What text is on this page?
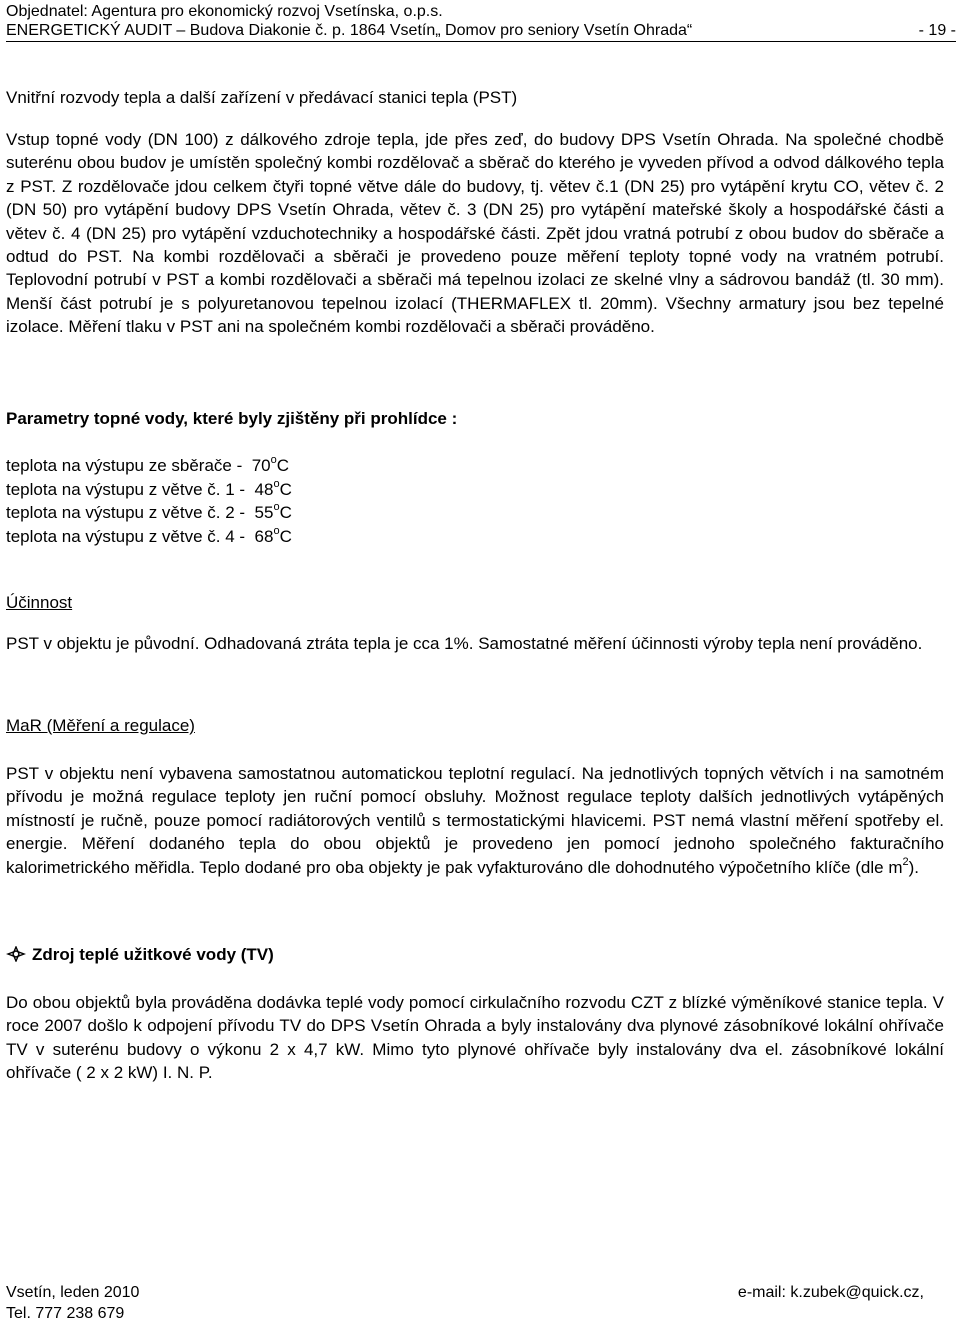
Objednatel: Agentura pro ekonomický rozvoj Vsetínska, o.p.s.
ENERGETICKÝ AUDIT – Budova Diakonie č. p. 1864 Vsetín„ Domov pro seniory Vsetín Ohrada“	- 19 -
Vnitřní rozvody tepla a další zařízení v předávací stanici tepla (PST)
Vstup topné vody (DN 100) z dálkového zdroje tepla, jde přes zeď, do budovy DPS Vsetín Ohrada. Na společné chodbě suterénu obou budov je umístěn společný kombi rozdělovač a sběrač do kterého je vyveden přívod a odvod dálkového tepla z PST. Z rozdělovače jdou celkem čtyři topné větve dále do budovy, tj. větev č.1 (DN 25) pro vytápění krytu CO, větev č. 2 (DN 50) pro vytápění budovy DPS Vsetín Ohrada, větev č. 3 (DN 25) pro vytápění mateřské školy a hospodářské části a větev č. 4 (DN 25) pro vytápění vzduchotechniky a hospodářské části. Zpět jdou vratná potrubí z obou budov do sběrače a odtud do PST. Na kombi rozdělovači a sběrači je provedeno pouze měření teploty topné vody na vratném potrubí. Teplovodní potrubí v PST a kombi rozdělovači a sběrači má tepelnou izolaci ze skelné vlny a sádrovou bandáž (tl. 30 mm). Menší část potrubí je s polyuretanovou tepelnou izolací (THERMAFLEX tl. 20mm). Všechny armatury jsou bez tepelné izolace. Měření tlaku v PST ani na společném kombi rozdělovači a sběrači prováděno.
Parametry topné vody, které byly zjištěny při prohlídce :
teplota na výstupu ze sběrače - 70$^o$C
teplota na výstupu z větve č. 1 - 48$^o$C
teplota na výstupu z větve č. 2 - 55$^o$C
teplota na výstupu z větve č. 4 - 68$^o$C
Účinnost
PST v objektu je původní. Odhadovaná ztráta tepla je cca 1%. Samostatné měření účinnosti výroby tepla není prováděno.
MaR (Měření a regulace)
PST v objektu není vybavena samostatnou automatickou teplotní regulací. Na jednotlivých topných větvích i na samotném přívodu je možná regulace teploty jen ruční pomocí obsluhy. Možnost regulace teploty dalších jednotlivých vytápěných místností je ručně, pouze pomocí radiátorových ventilů s termostatickými hlavicemi. PST nemá vlastní měření spotřeby el. energie. Měření dodaného tepla do obou objektů je provedeno jen pomocí jednoho společného fakturačního kalorimetrického měřidla. Teplo dodané pro oba objekty je pak vyfakturováno dle dohodnutého výpočetního klíče (dle $m^2$).
Zdroj teplé užitkové vody (TV)
Do obou objektů byla prováděna dodávka teplé vody pomocí cirkulačního rozvodu CZT z blízké výměníkové stanice tepla. V roce 2007 došlo k odpojení přívodu TV do DPS Vsetín Ohrada a byly instalovány dva plynové zásobníkové lokální ohřívače TV v suterénu budovy o výkonu 2 x 4,7 kW. Mimo tyto plynové ohřívače byly instalovány dva el. zásobníkové lokální ohřívače ( 2 x 2 kW) I. N. P.
Vsetín, leden 2010	e-mail: k.zubek@quick.cz,
Tel. 777 238 679
